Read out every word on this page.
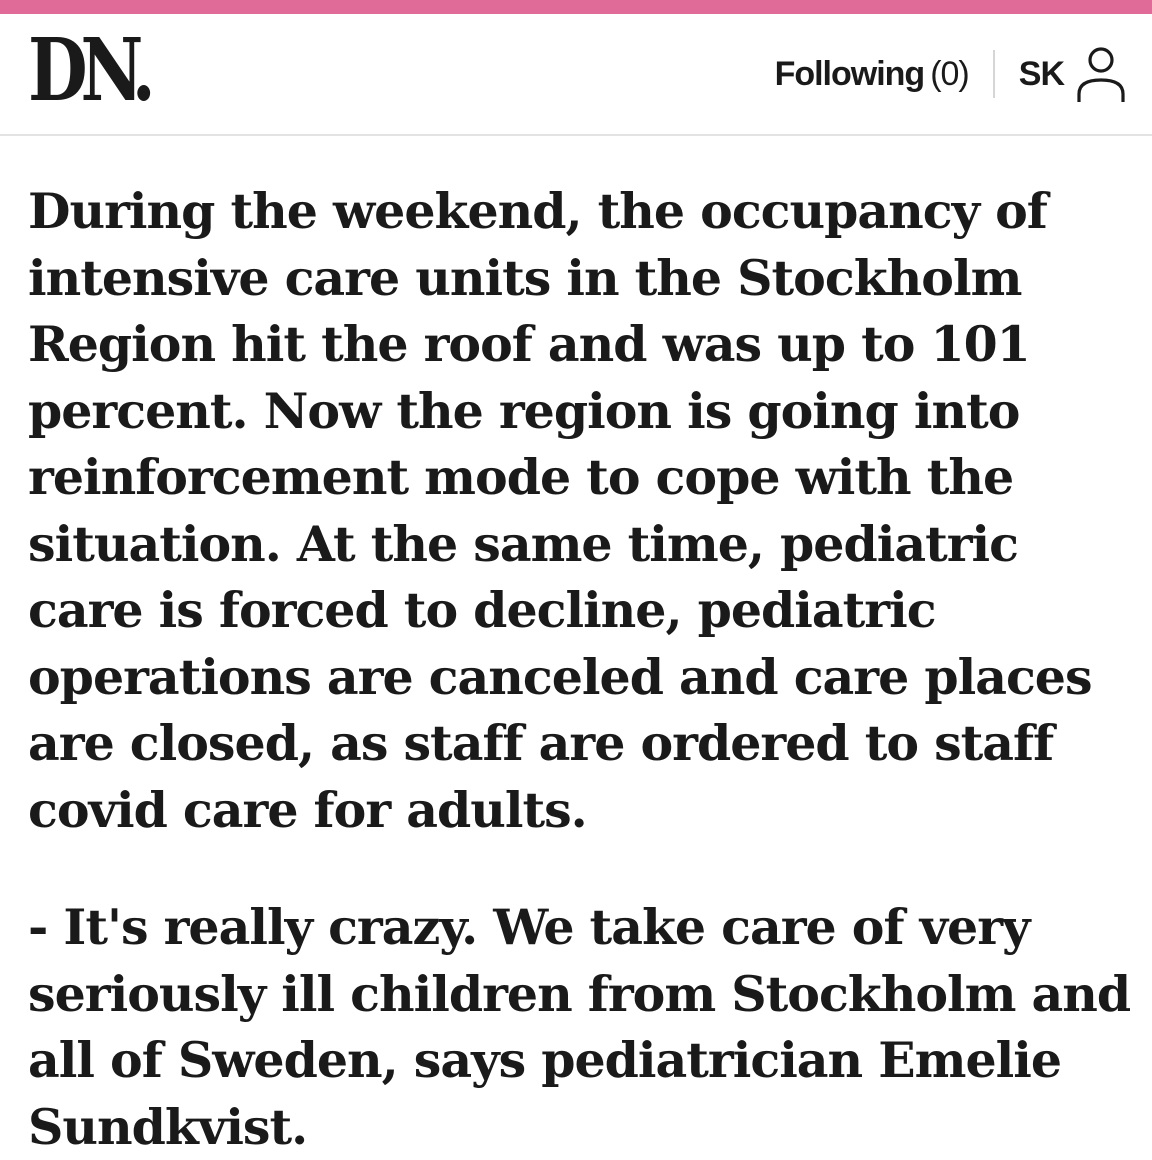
DN.	Following (0) SK

During the weekend, the occupancy of intensive care units in the Stockholm Region hit the roof and was up to 101 percent. Now the region is going into reinforcement mode to cope with the situation. At the same time, pediatric care is forced to decline, pediatric operations are canceled and care places are closed, as staff are ordered to staff covid care for adults.

- It's really crazy. We take care of very seriously ill children from Stockholm and all of Sweden, says pediatrician Emelie Sundkvist.
